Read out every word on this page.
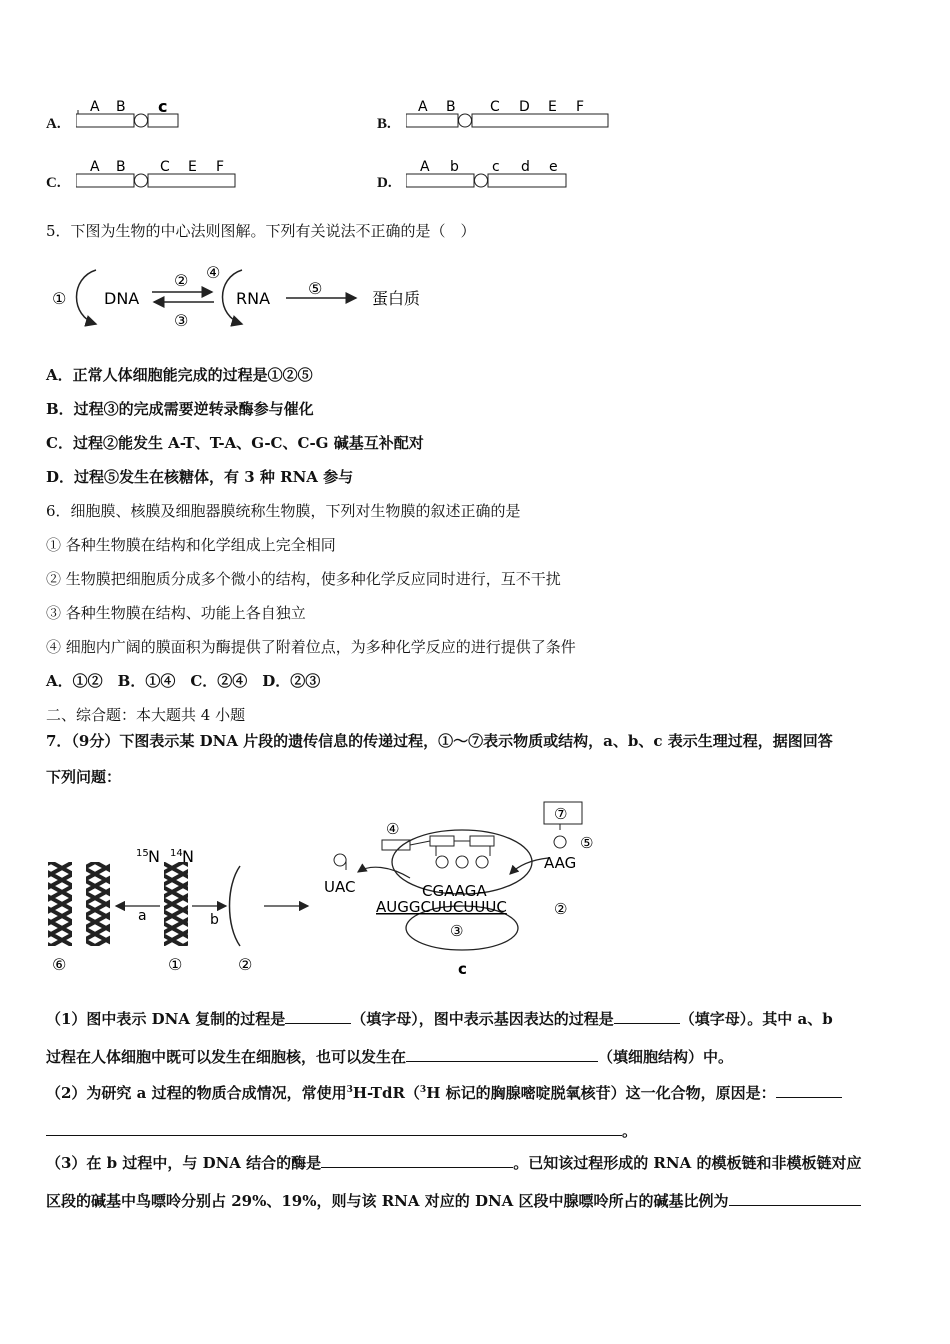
A.
A B c
B.
A B C D E F
C.
A B C E F
D.
A b c d e
5．下图为生物的中心法则图解。下列有关说法不正确的是（　）
① DNA
②
③
④
RNA
⑤
蛋白质
A．正常人体细胞能完成的过程是①②⑤
B．过程③的完成需要逆转录酶参与催化
C．过程②能发生 A-T、T-A、G-C、C-G 碱基互补配对
D．过程⑤发生在核糖体，有 3 种 RNA 参与
6．细胞膜、核膜及细胞器膜统称生物膜，下列对生物膜的叙述正确的是
① 各种生物膜在结构和化学组成上完全相同
② 生物膜把细胞质分成多个微小的结构，使多种化学反应同时进行，互不干扰
③ 各种生物膜在结构、功能上各自独立
④ 细胞内广阔的膜面积为酶提供了附着位点，为多种化学反应的进行提供了条件
A．①②　B．①④　C．②④　D．②③
二、综合题：本大题共 4 小题
7．（9分）下图表示某 DNA 片段的遗传信息的传递过程，①～⑦表示物质或结构，a、b、c 表示生理过程，据图回答
下列问题：
15 N 14 N
a	b
⑥	①	②
③
④
CGAAGA
AUGGCUUCUUUC	②
UAC
⑦
⑤
AAG
c
（1）图中表示 DNA 复制的过程是	（填字母），图中表示基因表达的过程是	（填字母）。其中 a、b
过程在人体细胞中既可以发生在细胞核，也可以发生在	（填细胞结构）中。
（2）为研究 a 过程的物质合成情况，常使用$^3$H-TdR（$^3$H 标记的胸腺嘧啶脱氧核苷）这一化合物，原因是：
。
（3）在 b 过程中，与 DNA 结合的酶是	。已知该过程形成的 RNA 的模板链和非模板链对应
区段的碱基中鸟嘌呤分别占 29%、19%，则与该 RNA 对应的 DNA 区段中腺嘌呤所占的碱基比例为
